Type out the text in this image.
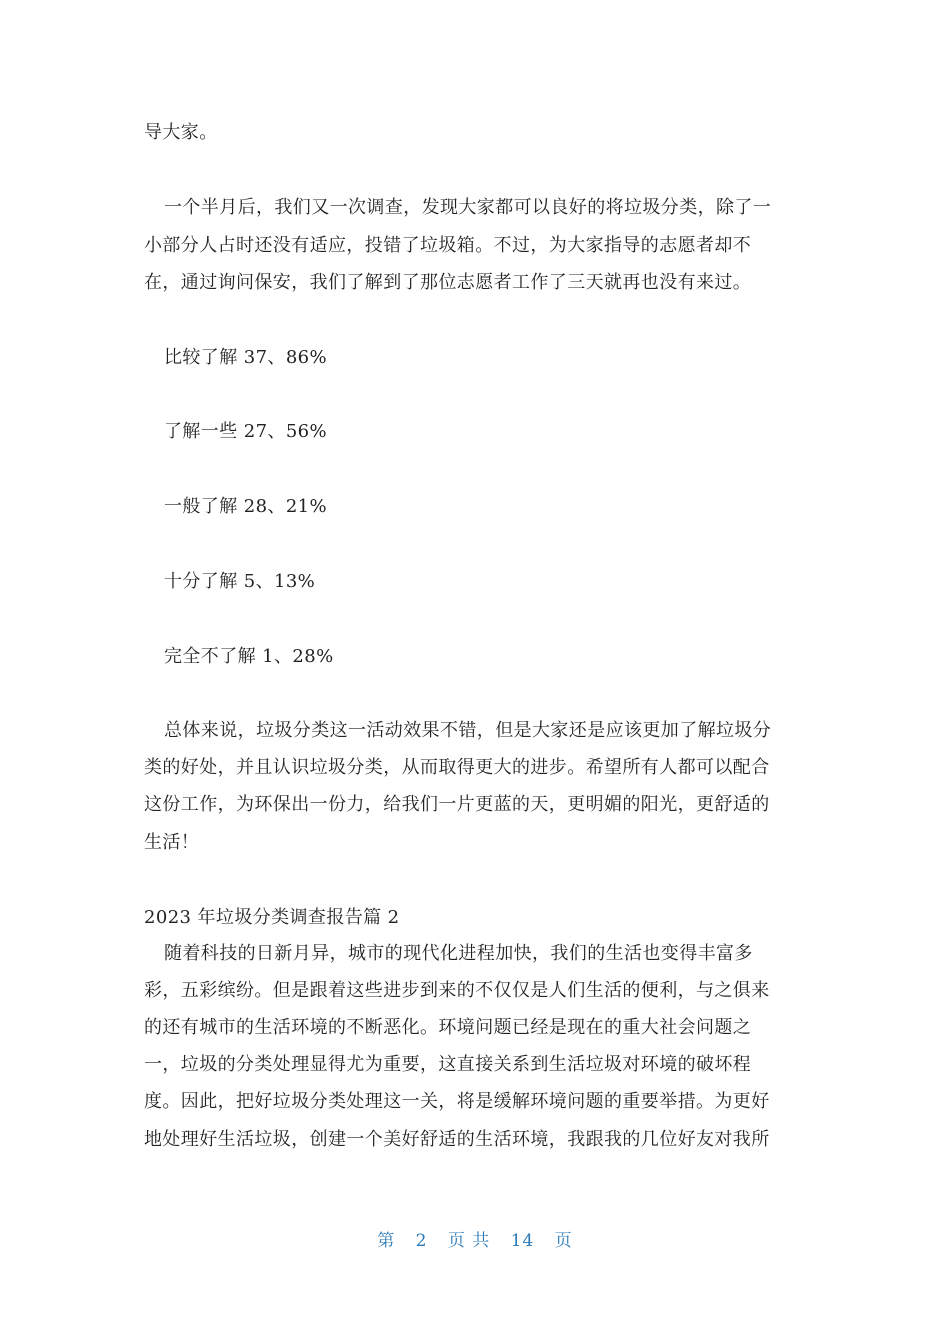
导大家。
一个半月后，我们又一次调查，发现大家都可以良好的将垃圾分类，除了一
小部分人占时还没有适应，投错了垃圾箱。不过，为大家指导的志愿者却不
在，通过询问保安，我们了解到了那位志愿者工作了三天就再也没有来过。
比较了解 37、86%
了解一些 27、56%
一般了解 28、21%
十分了解 5、13%
完全不了解 1、28%
总体来说，垃圾分类这一活动效果不错，但是大家还是应该更加了解垃圾分
类的好处，并且认识垃圾分类，从而取得更大的进步。希望所有人都可以配合
这份工作，为环保出一份力，给我们一片更蓝的天，更明媚的阳光，更舒适的
生活！
2023 年垃圾分类调查报告篇 2
随着科技的日新月异，城市的现代化进程加快，我们的生活也变得丰富多
彩，五彩缤纷。但是跟着这些进步到来的不仅仅是人们生活的便利，与之俱来
的还有城市的生活环境的不断恶化。环境问题已经是现在的重大社会问题之
一，垃圾的分类处理显得尤为重要，这直接关系到生活垃圾对环境的破坏程
度。因此，把好垃圾分类处理这一关，将是缓解环境问题的重要举措。为更好
地处理好生活垃圾，创建一个美好舒适的生活环境，我跟我的几位好友对我所
第 2 页 共 14 页
